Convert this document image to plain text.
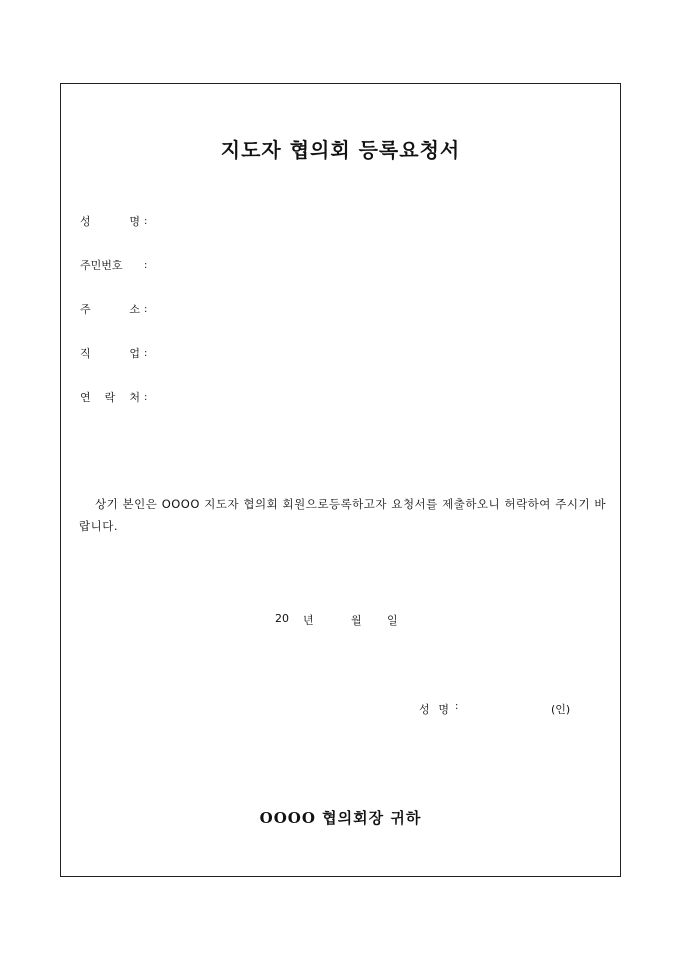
지도자 협의회 등록요청서
성 명 :
주민번호	:
주 소 :
직 업 :
연 락 처 :
상기 본인은 OOOO 지도자 협의회 회원으로등록하고자 요청서를 제출하오니 허락하여 주시기 바랍니다.
20	년	월	일
성 명 :	(인)
OOOO 협의회장 귀하
